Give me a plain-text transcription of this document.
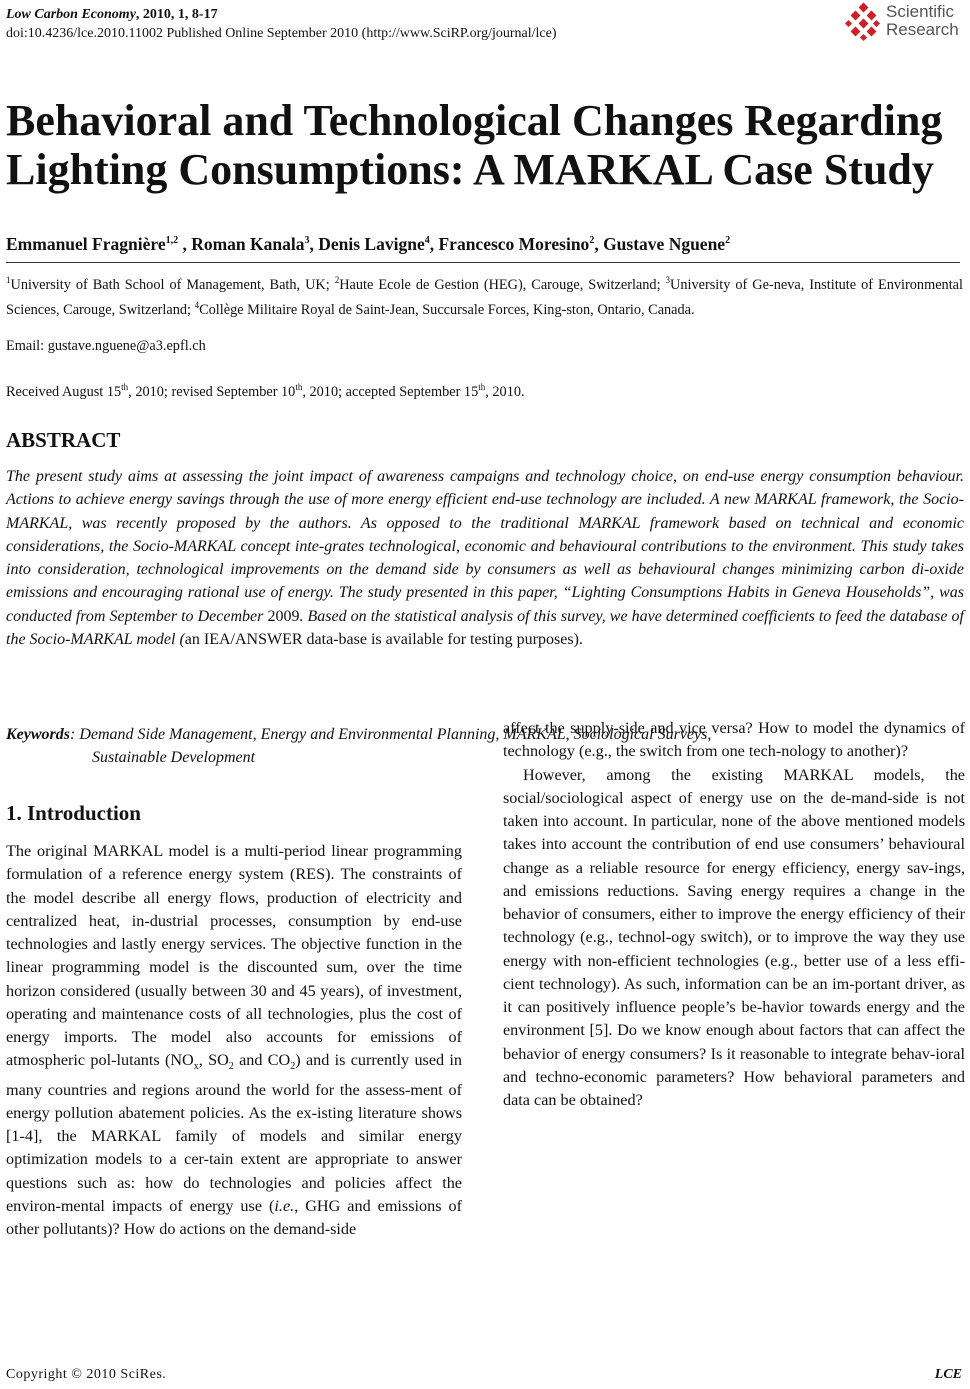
Low Carbon Economy, 2010, 1, 8-17
doi:10.4236/lce.2010.11002 Published Online September 2010 (http://www.SciRP.org/journal/lce)
Scientific
Research
Behavioral and Technological Changes Regarding Lighting Consumptions: A MARKAL Case Study
Emmanuel Fragnière$^{1,2}$ , Roman Kanala$^3$, Denis Lavigne$^4$, Francesco Moresino$^2$, Gustave Nguene$^2$
$^1$University of Bath School of Management, Bath, UK; $^2$Haute Ecole de Gestion (HEG), Carouge, Switzerland; $^3$University of Ge-neva, Institute of Environmental Sciences, Carouge, Switzerland; $^4$Collège Militaire Royal de Saint-Jean, Succursale Forces, King-ston, Ontario, Canada.
Email: gustave.nguene@a3.epfl.ch
Received August 15th, 2010; revised September 10th, 2010; accepted September 15th, 2010.
ABSTRACT

The present study aims at assessing the joint impact of awareness campaigns and technology choice, on end-use energy consumption behaviour. Actions to achieve energy savings through the use of more energy efficient end-use technology are included. A new MARKAL framework, the Socio-MARKAL, was recently proposed by the authors. As opposed to the traditional MARKAL framework based on technical and economic considerations, the Socio-MARKAL concept inte-grates technological, economic and behavioural contributions to the environment. This study takes into consideration, technological improvements on the demand side by consumers as well as behavioural changes minimizing carbon di-oxide emissions and encouraging rational use of energy. The study presented in this paper, “Lighting Consumptions Habits in Geneva Households”, was conducted from September to December 2009. Based on the statistical analysis of this survey, we have determined coefficients to feed the database of the Socio-MARKAL model (an IEA/ANSWER data-base is available for testing purposes).

Keywords: Demand Side Management, Energy and Environmental Planning, MARKAL, Sociological Surveys,
Sustainable Development
1. Introduction

The original MARKAL model is a multi-period linear programming formulation of a reference energy system (RES). The constraints of the model describe all energy flows, production of electricity and centralized heat, in-dustrial processes, consumption by end-use technologies and lastly energy services. The objective function in the linear programming model is the discounted sum, over the time horizon considered (usually between 30 and 45 years), of investment, operating and maintenance costs of all technologies, plus the cost of energy imports. The model also accounts for emissions of atmospheric pol-lutants ($NO_x$, $SO_2$ and $CO_2$) and is currently used in many countries and regions around the world for the assess-ment of energy pollution abatement policies. As the ex-isting literature shows [1-4], the MARKAL family of models and similar energy optimization models to a cer-tain extent are appropriate to answer questions such as: how do technologies and policies affect the environ-mental impacts of energy use (i.e., GHG and emissions of other pollutants)? How do actions on the demand-side

affect the supply-side and vice versa? How to model the dynamics of technology (e.g., the switch from one tech-nology to another)?

However, among the existing MARKAL models, the social/sociological aspect of energy use on the de-mand-side is not taken into account. In particular, none of the above mentioned models takes into account the contribution of end use consumers’ behavioural change as a reliable resource for energy efficiency, energy sav-ings, and emissions reductions. Saving energy requires a change in the behavior of consumers, either to improve the energy efficiency of their technology (e.g., technol-ogy switch), or to improve the way they use energy with non-efficient technologies (e.g., better use of a less effi-cient technology). As such, information can be an im-portant driver, as it can positively influence people’s be-havior towards energy and the environment [5]. Do we know enough about factors that can affect the behavior of energy consumers? Is it reasonable to integrate behav-ioral and techno-economic parameters? How behavioral parameters and data can be obtained?

Copyright © 2010 SciRes.	LCE
